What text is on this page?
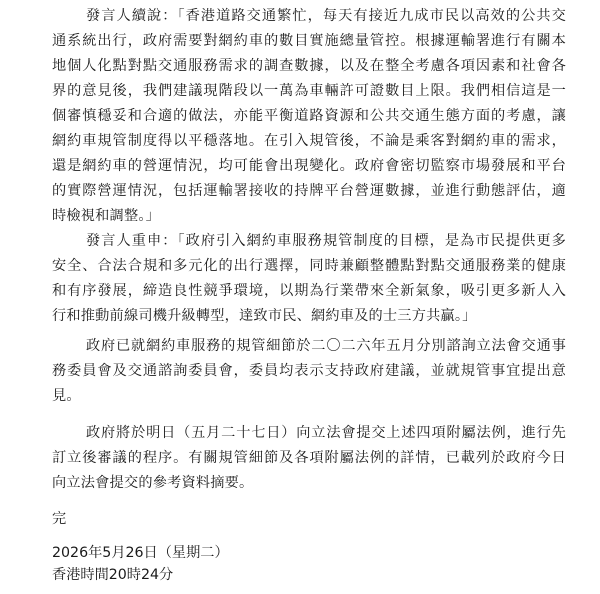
發言人續說：「香港道路交通繁忙，每天有接近九成市民以高效的公共交
通系統出行，政府需要對網約車的數目實施總量管控。根據運輸署進行有關本
地個人化點對點交通服務需求的調查數據，以及在整全考慮各項因素和社會各
界的意見後，我們建議現階段以一萬為車輛許可證數目上限。我們相信這是一
個審慎穩妥和合適的做法，亦能平衡道路資源和公共交通生態方面的考慮，讓
網約車規管制度得以平穩落地。在引入規管後，不論是乘客對網約車的需求，
還是網約車的營運情況，均可能會出現變化。政府會密切監察市場發展和平台
的實際營運情況，包括運輸署接收的持牌平台營運數據，並進行動態評估，適
時檢視和調整。」
發言人重申：「政府引入網約車服務規管制度的目標，是為市民提供更多
安全、合法合規和多元化的出行選擇，同時兼顧整體點對點交通服務業的健康
和有序發展，締造良性競爭環境，以期為行業帶來全新氣象，吸引更多新人入
行和推動前線司機升級轉型，達致市民、網約車及的士三方共贏。」
政府已就網約車服務的規管細節於二〇二六年五月分別諮詢立法會交通事
務委員會及交通諮詢委員會，委員均表示支持政府建議，並就規管事宜提出意
見。
政府將於明日（五月二十七日）向立法會提交上述四項附屬法例，進行先
訂立後審議的程序。有關規管細節及各項附屬法例的詳情，已載列於政府今日
向立法會提交的參考資料摘要。
完
2026年5月26日（星期二）
香港時間20時24分
